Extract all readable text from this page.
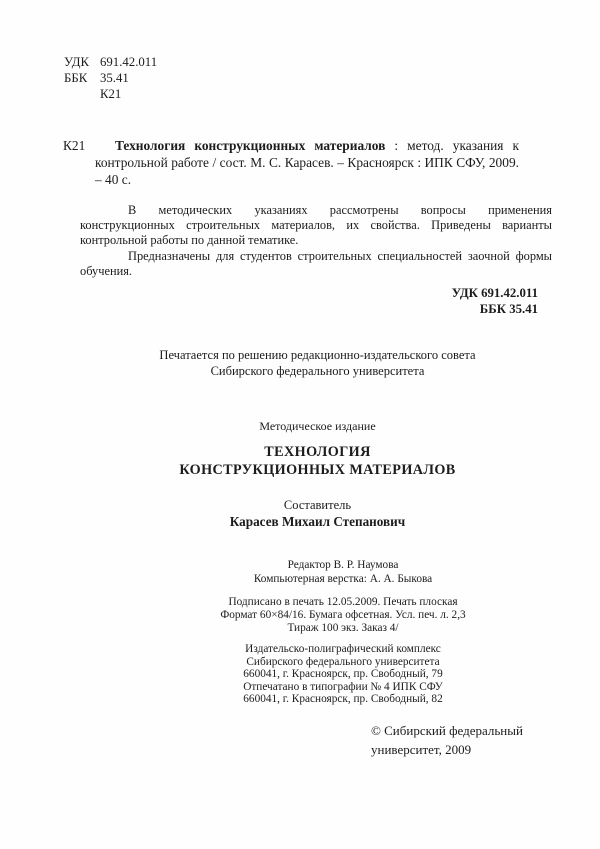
УДК 691.42.011
ББК 35.41
К21
К21	Технология конструкционных материалов : метод. указания к контрольной работе / сост. М. С. Карасев. – Красноярск : ИПК СФУ, 2009. – 40 с.

В методических указаниях рассмотрены вопросы применения конструкционных строительных материалов, их свойства. Приведены варианты контрольной работы по данной тематике.

Предназначены для студентов строительных специальностей заочной формы обучения.

УДК 691.42.011
ББК 35.41
Печатается по решению редакционно-издательского совета
Сибирского федерального университета
Методическое издание
ТЕХНОЛОГИЯ
КОНСТРУКЦИОННЫХ МАТЕРИАЛОВ
Составитель
Карасев Михаил Степанович
Редактор В. Р. Наумова
Компьютерная верстка: А. А. Быкова
Подписано в печать 12.05.2009. Печать плоская
Формат 60×84/16. Бумага офсетная. Усл. печ. л. 2,3
Тираж 100 экз. Заказ 4/
Издательско-полиграфический комплекс
Сибирского федерального университета
660041, г. Красноярск, пр. Свободный, 79
Отпечатано в типографии № 4 ИПК СФУ
660041, г. Красноярск, пр. Свободный, 82
© Сибирский федеральный университет, 2009
